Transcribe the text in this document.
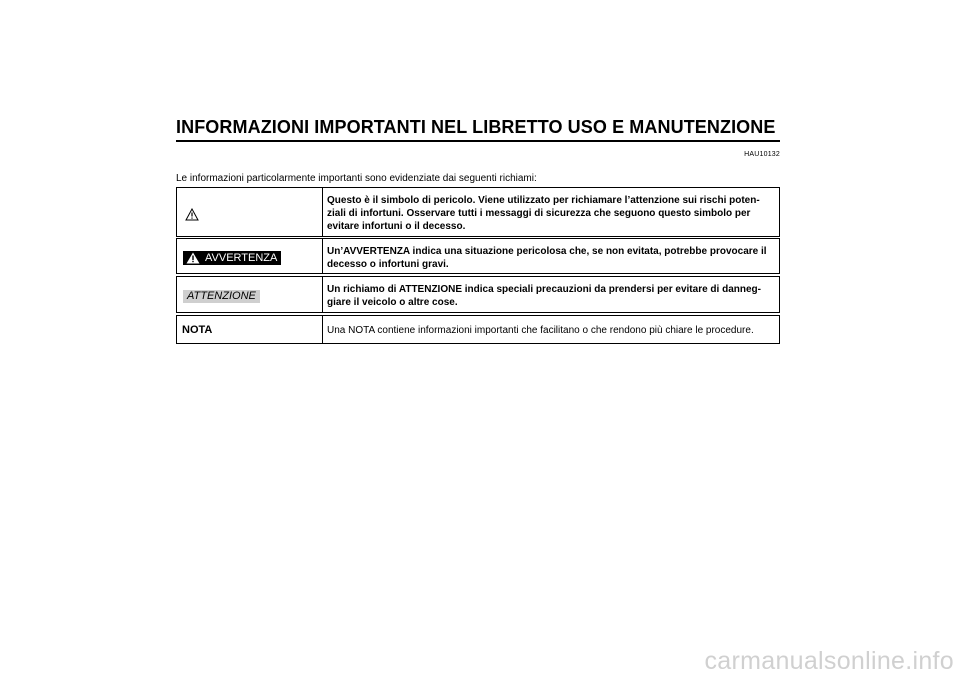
INFORMAZIONI IMPORTANTI NEL LIBRETTO USO E MANUTENZIONE
HAU10132
Le informazioni particolarmente importanti sono evidenziate dai seguenti richiami:
Questo è il simbolo di pericolo. Viene utilizzato per richiamare l’attenzione sui rischi poten-ziali di infortuni. Osservare tutti i messaggi di sicurezza che seguono questo simbolo per evitare infortuni o il decesso.
AVVERTENZA
Un’AVVERTENZA indica una situazione pericolosa che, se non evitata, potrebbe provocare il decesso o infortuni gravi.
ATTENZIONE
Un richiamo di ATTENZIONE indica speciali precauzioni da prendersi per evitare di danneg-giare il veicolo o altre cose.
NOTA	Una NOTA contiene informazioni importanti che facilitano o che rendono più chiare le procedure.
carmanualsonline.info
